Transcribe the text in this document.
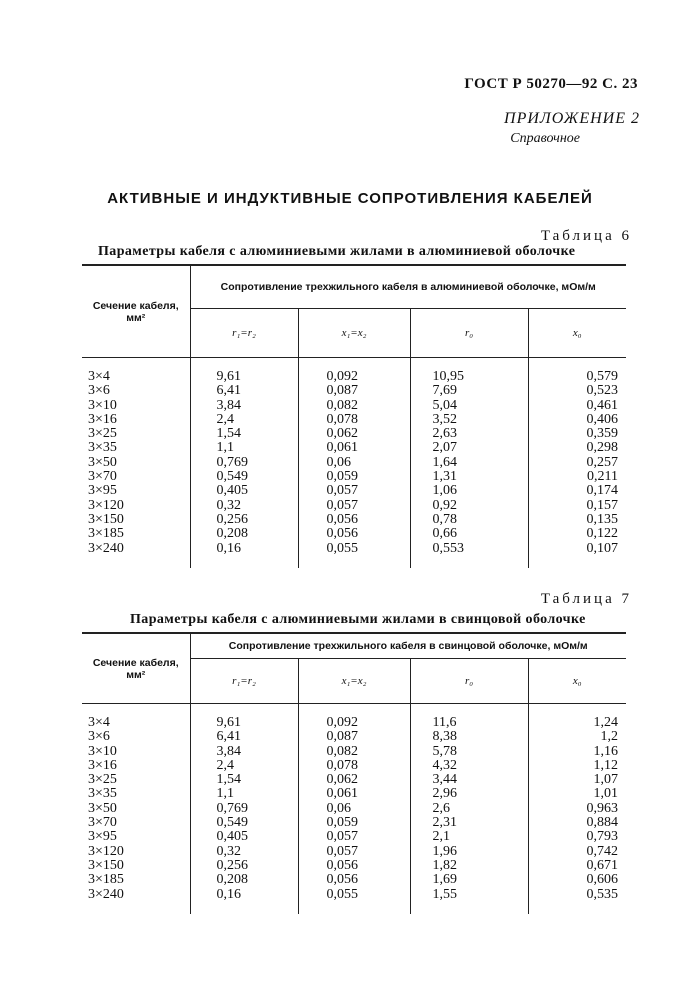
ГОСТ Р 50270—92 С. 23
ПРИЛОЖЕНИЕ 2
Справочное
АКТИВНЫЕ И ИНДУКТИВНЫЕ СОПРОТИВЛЕНИЯ КАБЕЛЕЙ
Таблица 6
Параметры кабеля с алюминиевыми жилами в алюминиевой оболочке
Сечение кабеля, мм²	Сопротивление трехжильного кабеля в алюминиевой оболочке, мОм/м			
	r₁=r₂	x₁=x₂	r₀	x₀

3×4	9,61	0,092	10,95	0,579
3×6	6,41	0,087	7,69	0,523
3×10	3,84	0,082	5,04	0,461
3×16	2,4	0,078	3,52	0,406
3×25	1,54	0,062	2,63	0,359
3×35	1,1	0,061	2,07	0,298
3×50	0,769	0,06	1,64	0,257
3×70	0,549	0,059	1,31	0,211
3×95	0,405	0,057	1,06	0,174
3×120	0,32	0,057	0,92	0,157
3×150	0,256	0,056	0,78	0,135
3×185	0,208	0,056	0,66	0,122
3×240	0,16	0,055	0,553	0,107

Таблица 7
Параметры кабеля с алюминиевыми жилами в свинцовой оболочке
Сечение кабеля, мм²	Сопротивление трехжильного кабеля в свинцовой оболочке, мОм/м			
	r₁=r₂	x₁=x₂	r₀	x₀

3×4	9,61	0,092	11,6	1,24
3×6	6,41	0,087	8,38	1,2
3×10	3,84	0,082	5,78	1,16
3×16	2,4	0,078	4,32	1,12
3×25	1,54	0,062	3,44	1,07
3×35	1,1	0,061	2,96	1,01
3×50	0,769	0,06	2,6	0,963
3×70	0,549	0,059	2,31	0,884
3×95	0,405	0,057	2,1	0,793
3×120	0,32	0,057	1,96	0,742
3×150	0,256	0,056	1,82	0,671
3×185	0,208	0,056	1,69	0,606
3×240	0,16	0,055	1,55	0,535
